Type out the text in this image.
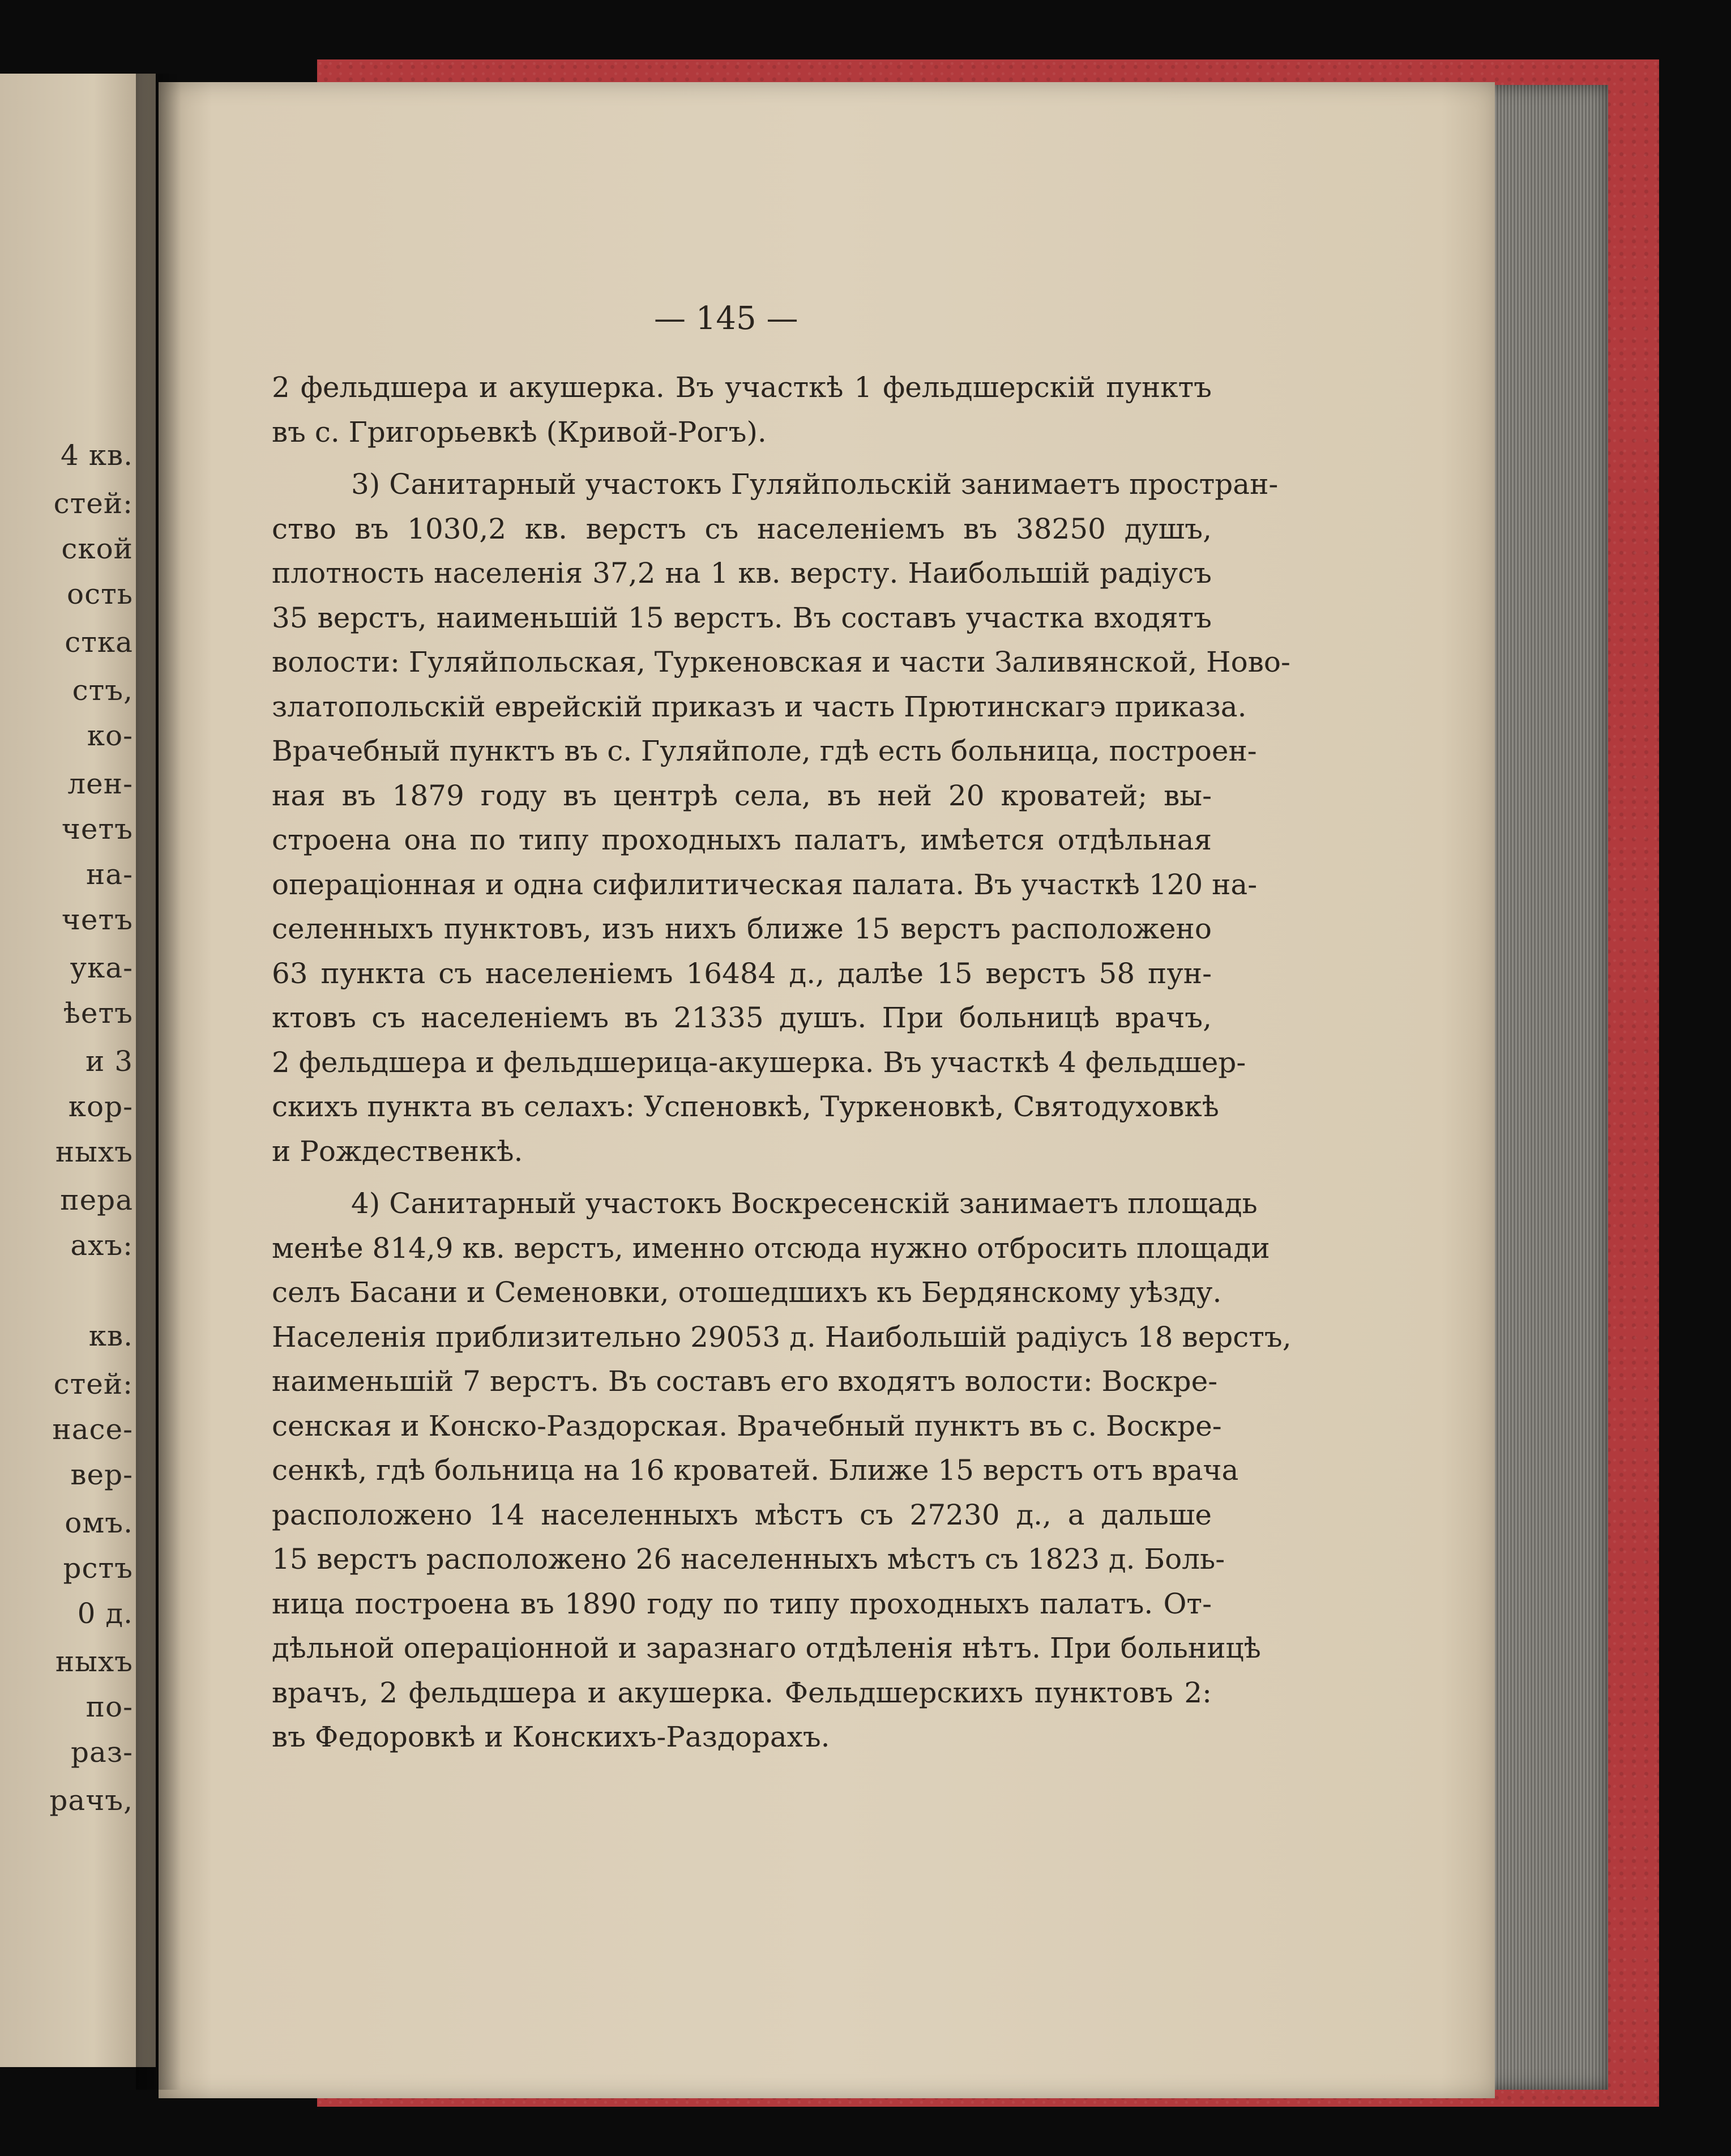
4 кв.
стей:
ской
ость
стка
стъ,
ко-
лен-
четъ
на-
четъ
ука-
ѣетъ
и 3
кор-
ныхъ
пера
ахъ:
кв.
стей:
насе-
вер-
омъ.
рстъ
0 д.
ныхъ
по-
раз-
рачъ,
— 145 —
2 фельдшера и акушерка. Въ участкѣ 1 фельдшерскій пунктъ
въ с. Григорьевкѣ (Кривой-Рогъ).
3) Санитарный участокъ Гуляйпольскій занимаетъ простран-
ство въ 1030,2 кв. верстъ съ населеніемъ въ 38250 душъ,
плотность населенія 37,2 на 1 кв. версту. Наибольшій радіусъ
35 верстъ, наименьшій 15 верстъ. Въ составъ участка входятъ
волости: Гуляйпольская, Туркеновская и части Заливянской, Ново-
златопольскій еврейскій приказъ и часть Прютинскагэ приказа.
Врачебный пунктъ въ с. Гуляйполе, гдѣ есть больница, построен-
ная въ 1879 году въ центрѣ села, въ ней 20 кроватей; вы-
строена она по типу проходныхъ палатъ, имѣется отдѣльная
операціонная и одна сифилитическая палата. Въ участкѣ 120 на-
селенныхъ пунктовъ, изъ нихъ ближе 15 верстъ расположено
63 пункта съ населеніемъ 16484 д., далѣе 15 верстъ 58 пун-
ктовъ съ населеніемъ въ 21335 душъ. При больницѣ врачъ,
2 фельдшера и фельдшерица-акушерка. Въ участкѣ 4 фельдшер-
скихъ пункта въ селахъ: Успеновкѣ, Туркеновкѣ, Святодуховкѣ
и Рождественкѣ.
4) Санитарный участокъ Воскресенскій занимаетъ площадь
менѣе 814,9 кв. верстъ, именно отсюда нужно отбросить площади
селъ Басани и Семеновки, отошедшихъ къ Бердянскому уѣзду.
Населенія приблизительно 29053 д. Наибольшій радіусъ 18 верстъ,
наименьшій 7 верстъ. Въ составъ его входятъ волости: Воскре-
сенская и Конско-Раздорская. Врачебный пунктъ въ с. Воскре-
сенкѣ, гдѣ больница на 16 кроватей. Ближе 15 верстъ отъ врача
расположено 14 населенныхъ мѣстъ съ 27230 д., а дальше
15 верстъ расположено 26 населенныхъ мѣстъ съ 1823 д. Боль-
ница построена въ 1890 году по типу проходныхъ палатъ. От-
дѣльной операціонной и заразнаго отдѣленія нѣтъ. При больницѣ
врачъ, 2 фельдшера и акушерка. Фельдшерскихъ пунктовъ 2:
въ Федоровкѣ и Конскихъ-Раздорахъ.
